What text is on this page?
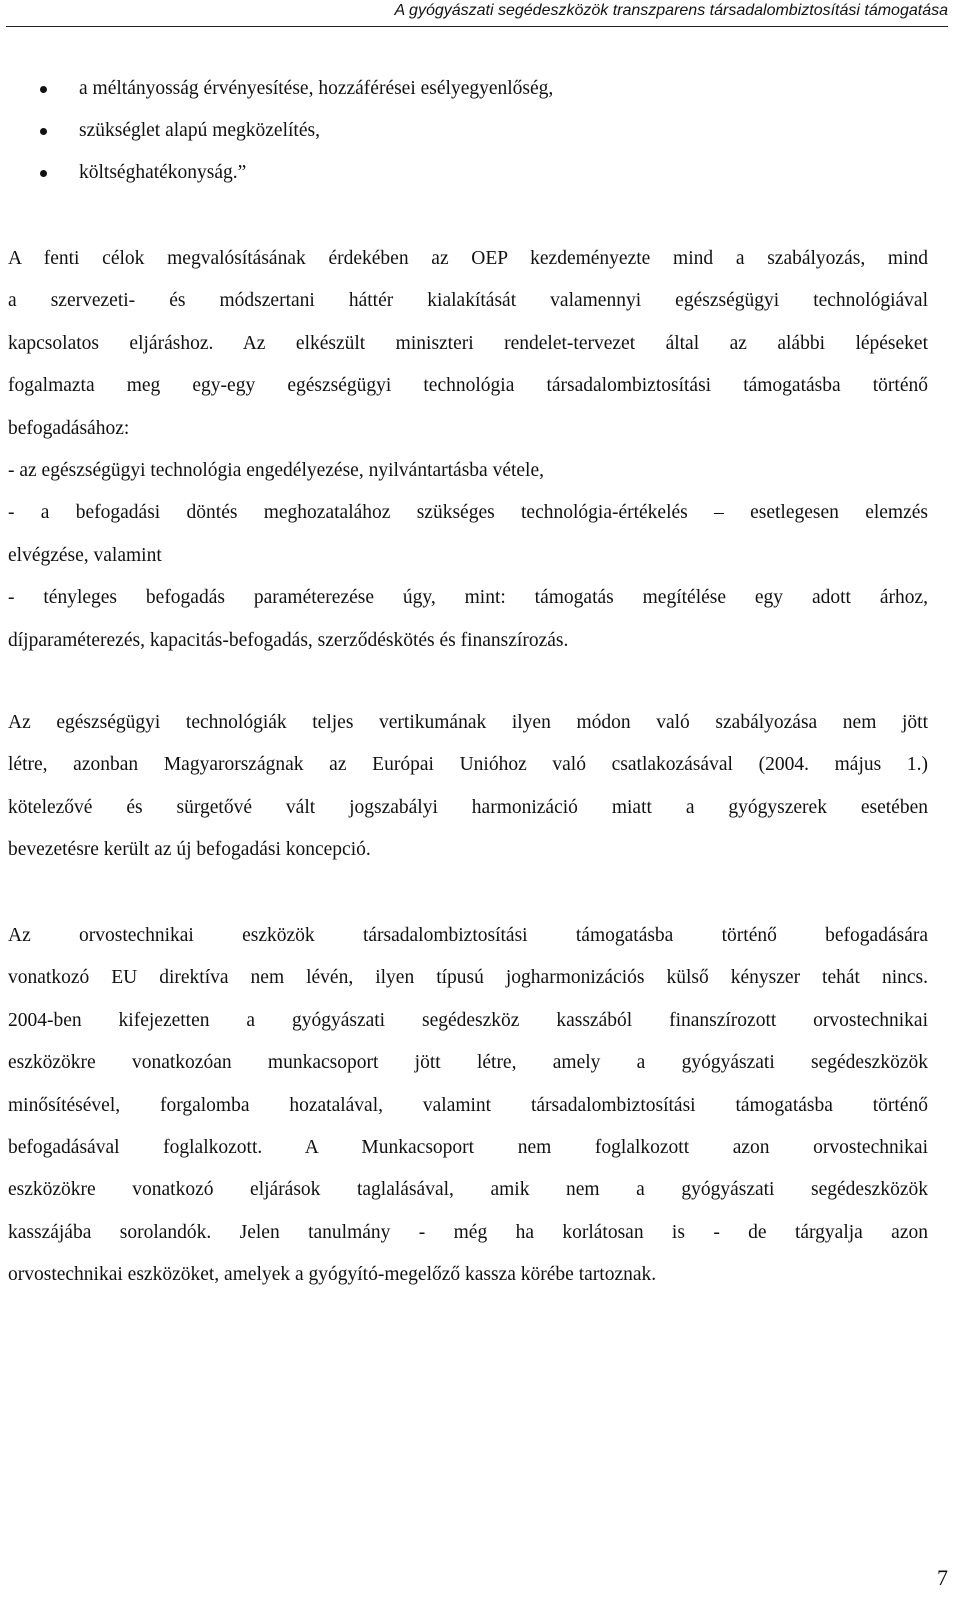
A gyógyászati segédeszközök transzparens társadalombiztosítási támogatása
a méltányosság érvényesítése, hozzáférései esélyegyenlőség,
szükséglet alapú megközelítés,
költséghatékonyság.”
A fenti célok megvalósításának érdekében az OEP kezdeményezte mind a szabályozás, mind
a szervezeti- és módszertani háttér kialakítását valamennyi egészségügyi technológiával
kapcsolatos eljáráshoz. Az elkészült miniszteri rendelet-tervezet által az alábbi lépéseket
fogalmazta meg egy-egy egészségügyi technológia társadalombiztosítási támogatásba történő
befogadásához:
- az egészségügyi technológia engedélyezése, nyilvántartásba vétele,
- a befogadási döntés meghozatalához szükséges technológia-értékelés – esetlegesen elemzés
elvégzése, valamint
- tényleges befogadás paraméterezése úgy, mint: támogatás megítélése egy adott árhoz,
díjparaméterezés, kapacitás-befogadás, szerződéskötés és finanszírozás.
Az egészségügyi technológiák teljes vertikumának ilyen módon való szabályozása nem jött
létre, azonban Magyarországnak az Európai Unióhoz való csatlakozásával (2004. május 1.)
kötelezővé és sürgetővé vált jogszabályi harmonizáció miatt a gyógyszerek esetében
bevezetésre került az új befogadási koncepció.
Az orvostechnikai eszközök társadalombiztosítási támogatásba történő befogadására
vonatkozó EU direktíva nem lévén, ilyen típusú jogharmonizációs külső kényszer tehát nincs.
2004-ben kifejezetten a gyógyászati segédeszköz kasszából finanszírozott orvostechnikai
eszközökre vonatkozóan munkacsoport jött létre, amely a gyógyászati segédeszközök
minősítésével, forgalomba hozatalával, valamint társadalombiztosítási támogatásba történő
befogadásával foglalkozott. A Munkacsoport nem foglalkozott azon orvostechnikai
eszközökre vonatkozó eljárások taglalásával, amik nem a gyógyászati segédeszközök
kasszájába sorolandók. Jelen tanulmány - még ha korlátosan is - de tárgyalja azon
orvostechnikai eszközöket, amelyek a gyógyító-megelőző kassza körébe tartoznak.
7
